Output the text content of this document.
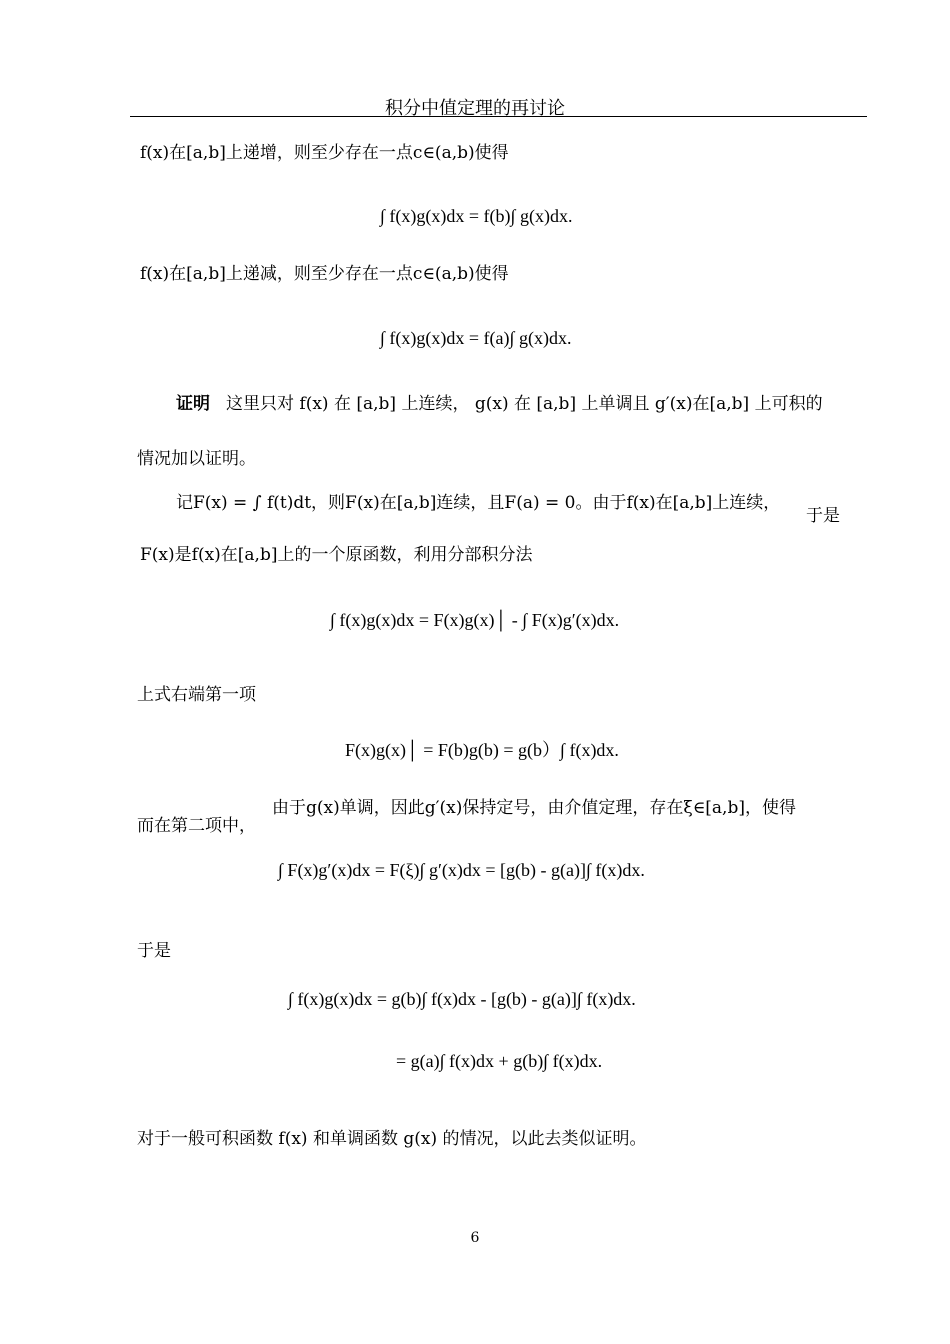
积分中值定理的再讨论
f(x)在[a,b]上递增，则至少存在一点c∈(a,b)使得
∫ f(x)g(x)dx = f(b)∫ g(x)dx.
f(x)在[a,b]上递减，则至少存在一点c∈(a,b)使得
∫ f(x)g(x)dx = f(a)∫ g(x)dx.
证明 这里只对 f(x) 在 [a,b] 上连续， g(x) 在 [a,b] 上单调且 g′(x)在[a,b] 上可积的
情况加以证明。
记F(x) = ∫ f(t)dt，则F(x)在[a,b]连续，且F(a) = 0。由于f(x)在[a,b]上连续，
于是
F(x)是f(x)在[a,b]上的一个原函数，利用分部积分法
∫ f(x)g(x)dx = F(x)g(x)│ - ∫ F(x)g′(x)dx.
上式右端第一项
F(x)g(x)│ = F(b)g(b) = g(b）∫ f(x)dx.
而在第二项中，
由于g(x)单调，因此g′(x)保持定号，由介值定理，存在ξ∈[a,b]，使得
∫ F(x)g′(x)dx = F(ξ)∫ g′(x)dx = [g(b) - g(a)]∫ f(x)dx.
于是
∫ f(x)g(x)dx = g(b)∫ f(x)dx - [g(b) - g(a)]∫ f(x)dx.
= g(a)∫ f(x)dx + g(b)∫ f(x)dx.
对于一般可积函数 f(x) 和单调函数 g(x) 的情况，以此去类似证明。
6
